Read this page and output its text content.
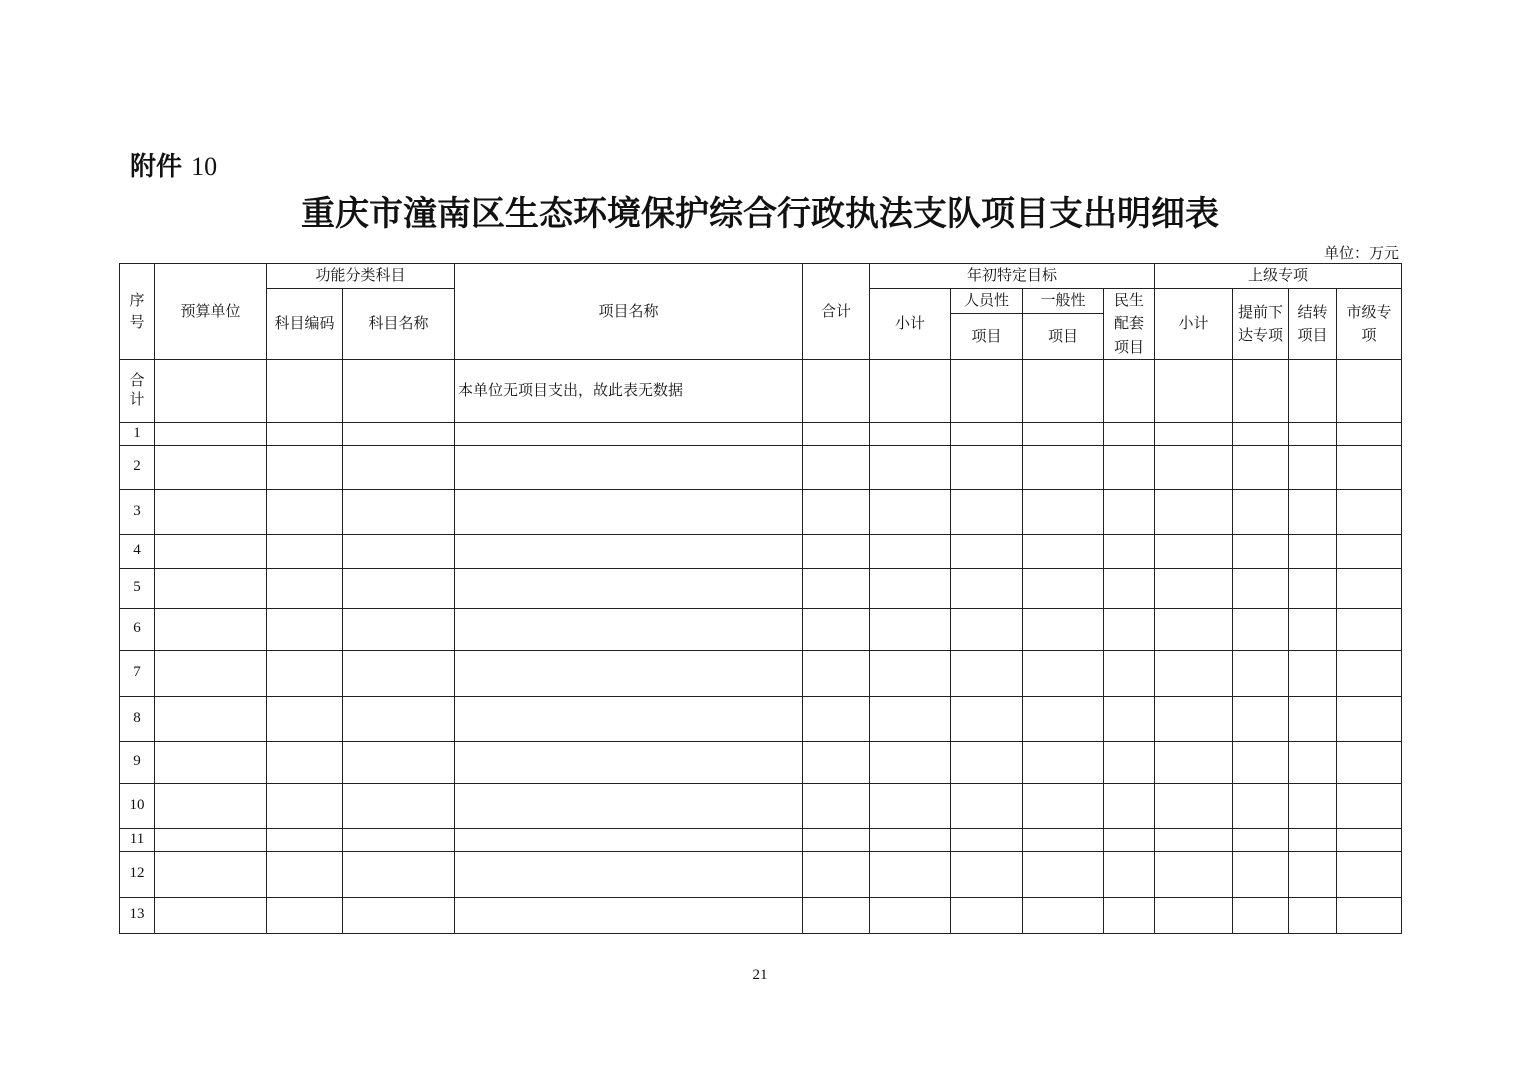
附件 10
重庆市潼南区生态环境保护综合行政执法支队项目支出明细表
单位：万元
序号	预算单位	功能分类科目		项目名称	合计	年初特定目标				上级专项			
		科目编码	科目名称			小计	人员性	一般性	民生配套项目	小计	提前下达专项	结转项目	市级专项
							项目	项目					
合计				本单位无项目支出，故此表无数据									
1													
2													
3													
4													
5													
6													
7													
8													
9													
10													
11													
12													
13													
21
